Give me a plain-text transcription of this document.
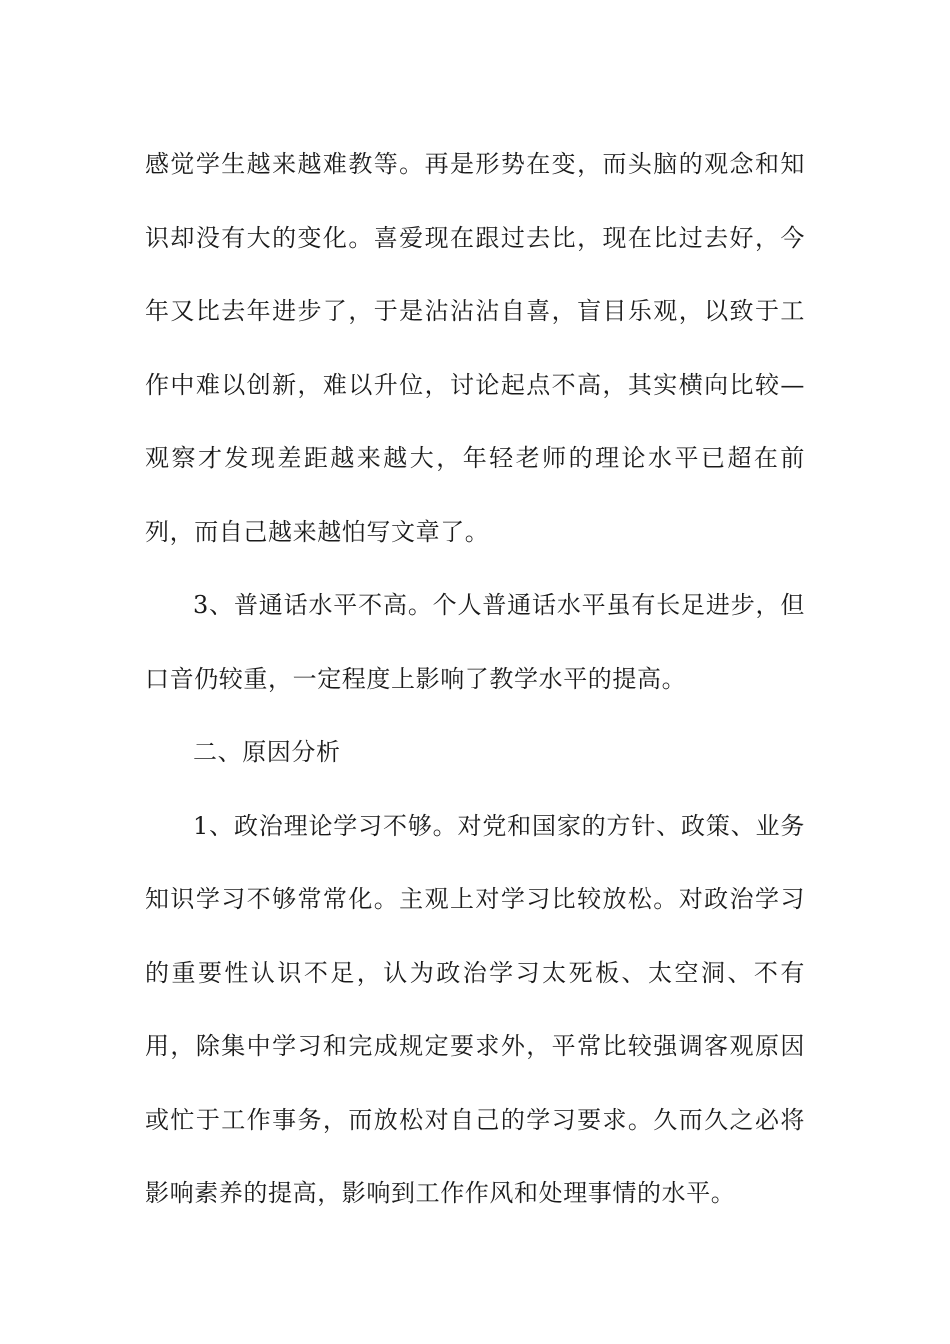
感觉学生越来越难教等。再是形势在变，而头脑的观念和知识却没有大的变化。喜爱现在跟过去比，现在比过去好，今年又比去年进步了，于是沾沾沾自喜，盲目乐观，以致于工作中难以创新，难以升位，讨论起点不高，其实横向比较—观察才发现差距越来越大，年轻老师的理论水平已超在前列，而自己越来越怕写文章了。

3、普通话水平不高。个人普通话水平虽有长足进步，但口音仍较重，一定程度上影响了教学水平的提高。

二、原因分析

1、政治理论学习不够。对党和国家的方针、政策、业务知识学习不够常常化。主观上对学习比较放松。对政治学习的重要性认识不足，认为政治学习太死板、太空洞、不有用，除集中学习和完成规定要求外，平常比较强调客观原因或忙于工作事务，而放松对自己的学习要求。久而久之必将影响素养的提高，影响到工作作风和处理事情的水平。
